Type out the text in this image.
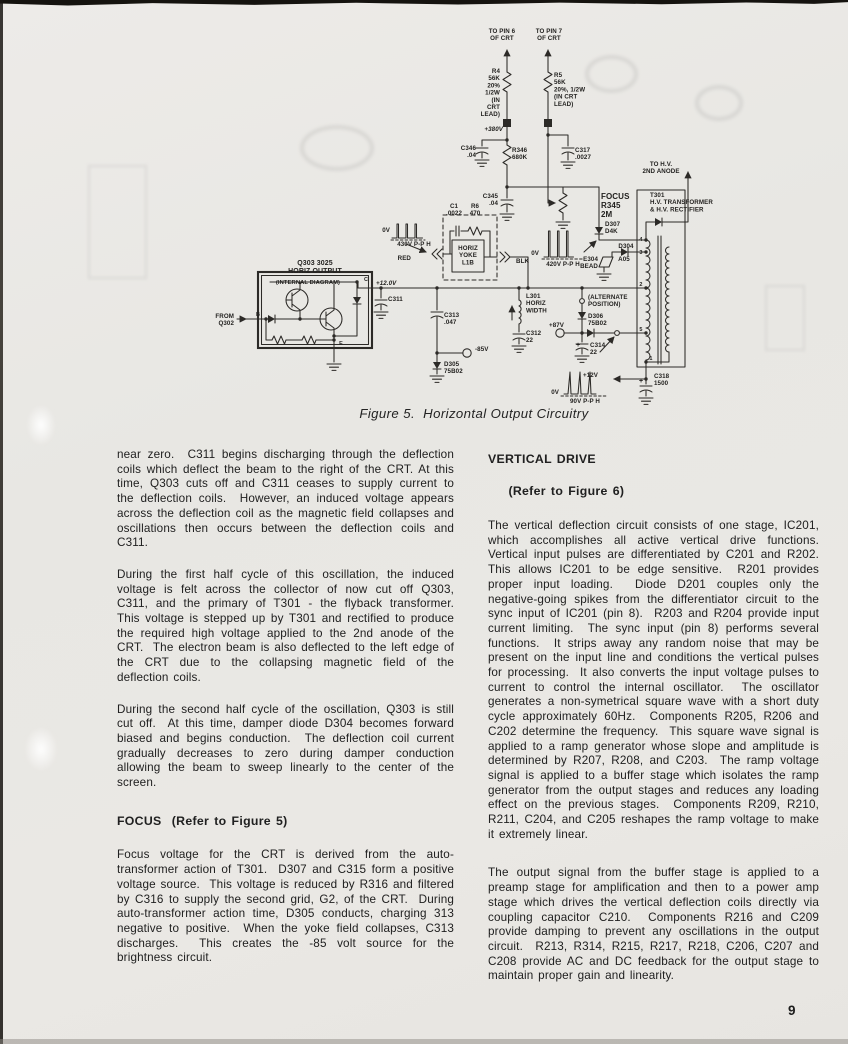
TO PIN 6 OF CRT
TO PIN 7 OF CRT
R4 56K 20% 1/2W (IN CRT LEAD)
R5 56K 20%, 1/2W (IN CRT LEAD)
+380V
C346 .04
R346 680K
C317 .0027
TO H.V. 2ND ANODE
T301 H.V. TRANSFORMER & H.V. RECTIFIER
FOCUS R345 2M
C345 .04
C1 .0022
R6 470
0V
430V P-P H
RED
HORIZ YOKE L1B	BLK
0V
420V P-P H
D307 D4K
D304
A05
E304 BEAD
Q303 3025
HORIZ OUTPUT
(INTERNAL DIAGRAM)
FROM Q302
B
C +12.0V
E
C311
C313 .047
-85V
D305 75B02
L301 HORIZ WIDTH
C312 22
(ALTERNATE POSITION)
D306 75B02
+87V
C314 22
+
+12V	C318 1500
+
0V
90V P-P H
4
3
2
5
1
Figure 5.  Horizontal Output Circuitry

near zero.  C311 begins discharging through the deflection coils which deflect the beam to the right of the CRT. At this time, Q303 cuts off and C311 ceases to supply current to the deflection coils.  However, an induced voltage appears across the deflection coil as the magnetic field collapses and oscillations then occurs between the deflection coils and C311.

During the first half cycle of this oscillation, the induced voltage is felt across the collector of now cut off Q303, C311, and the primary of T301 - the flyback transformer. This voltage is stepped up by T301 and rectified to produce the required high voltage applied to the 2nd anode of the CRT.  The electron beam is also deflected to the left edge of the CRT due to the collapsing magnetic field of the deflection coils.

During the second half cycle of the oscillation, Q303 is still cut off.  At this time, damper diode D304 becomes forward biased and begins conduction.  The deflection coil current gradually decreases to zero during damper conduction allowing the beam to sweep linearly to the center of the screen.

FOCUS  (Refer to Figure 5)

Focus voltage for the CRT is derived from the auto-transformer action of T301.  D307 and C315 form a positive voltage source.  This voltage is reduced by R316 and filtered by C316 to supply the second grid, G2, of the CRT.  During auto-transformer action time, D305 conducts, charging 313 negative to positive.  When the yoke field collapses, C313 discharges.  This creates the -85 volt source for the brightness circuit.

VERTICAL DRIVE

(Refer to Figure 6)

The vertical deflection circuit consists of one stage, IC201, which accomplishes all active vertical drive functions. Vertical input pulses are differentiated by C201 and R202. This allows IC201 to be edge sensitive.  R201 provides proper input loading.  Diode D201 couples only the negative-going spikes from the differentiator circuit to the sync input of IC201 (pin 8).  R203 and R204 provide input current limiting.  The sync input (pin 8) performs several functions.  It strips away any random noise that may be present on the input line and conditions the vertical pulses for processing.  It also converts the input voltage pulses to current to control the internal oscillator.  The oscillator generates a non-symetrical square wave with a short duty cycle approximately 60Hz.  Components R205, R206 and C202 determine the frequency.  This square wave signal is applied to a ramp generator whose slope and amplitude is determined by R207, R208, and C203.  The ramp voltage signal is applied to a buffer stage which isolates the ramp generator from the output stages and reduces any loading effect on the previous stages.  Components R209, R210, R211, C204, and C205 reshapes the ramp voltage to make it extremely linear.

The output signal from the buffer stage is applied to a preamp stage for amplification and then to a power amp stage which drives the vertical deflection coils directly via coupling capacitor C210.  Components R216 and C209 provide damping to prevent any oscillations in the output circuit.  R213, R314, R215, R217, R218, C206, C207 and C208 provide AC and DC feedback for the output stage to maintain proper gain and linearity.

9
